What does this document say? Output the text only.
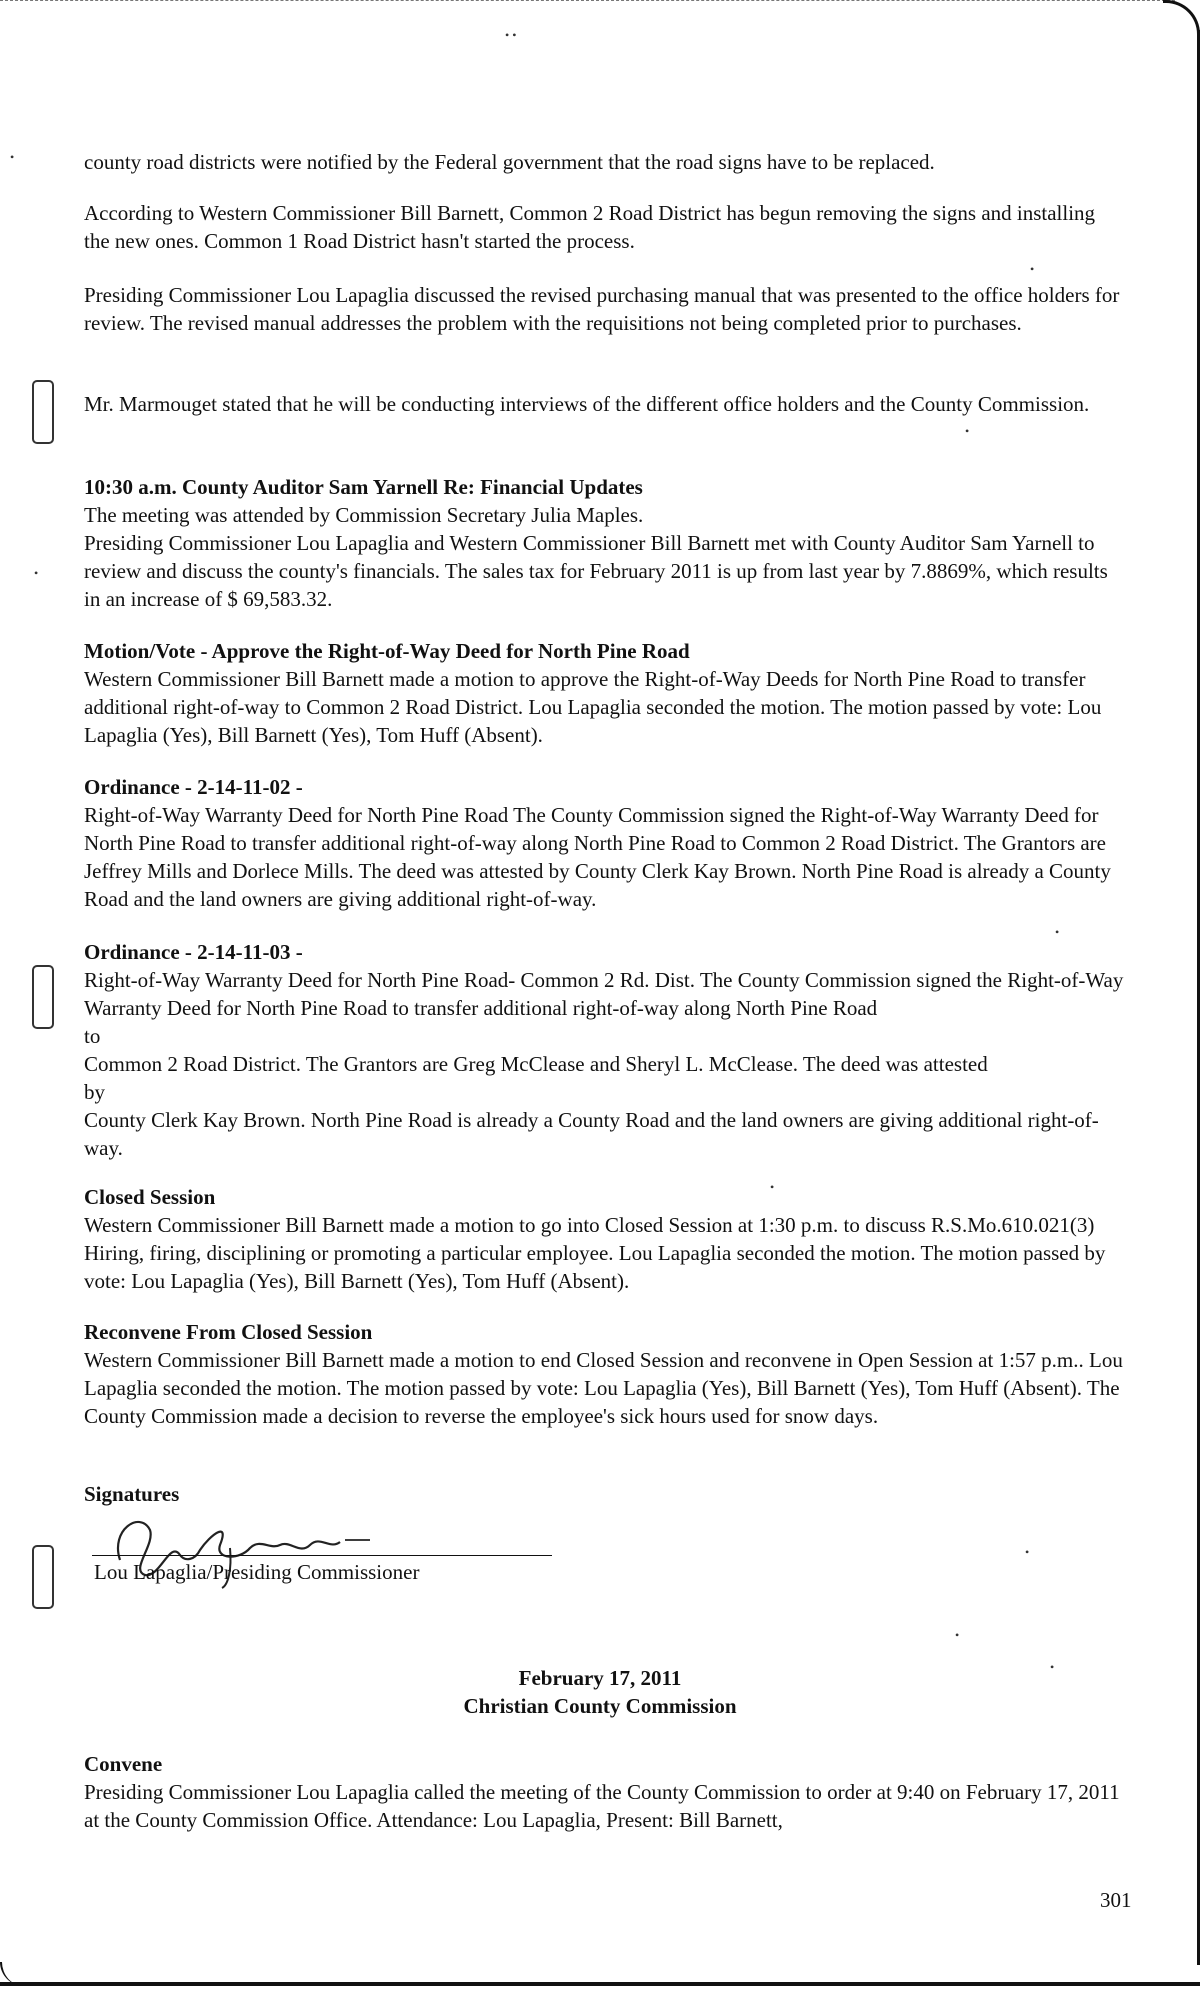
• •
•
•
•
•
•
•
•
•
•

county road districts were notified by the Federal government that the road signs have to be replaced.

According to Western Commissioner Bill Barnett, Common 2 Road District has begun removing the signs and installing the new ones. Common 1 Road District hasn't started the process.

Presiding Commissioner Lou Lapaglia discussed the revised purchasing manual that was presented to the office holders for review. The revised manual addresses the problem with the requisitions not being completed prior to purchases.

Mr. Marmouget stated that he will be conducting interviews of the different office holders and the County Commission.

10:30 a.m. County Auditor Sam Yarnell Re: Financial Updates

The meeting was attended by Commission Secretary Julia Maples.

Presiding Commissioner Lou Lapaglia and Western Commissioner Bill Barnett met with County Auditor Sam Yarnell to review and discuss the county's financials. The sales tax for February 2011 is up from last year by 7.8869%, which results in an increase of $ 69,583.32.

Motion/Vote - Approve the Right-of-Way Deed for North Pine Road

Western Commissioner Bill Barnett made a motion to approve the Right-of-Way Deeds for North Pine Road to transfer additional right-of-way to Common 2 Road District. Lou Lapaglia seconded the motion. The motion passed by vote: Lou Lapaglia (Yes), Bill Barnett (Yes), Tom Huff (Absent).

Ordinance - 2-14-11-02 -

Right-of-Way Warranty Deed for North Pine Road The County Commission signed the Right-of-Way Warranty Deed for North Pine Road to transfer additional right-of-way along North Pine Road to Common 2 Road District. The Grantors are Jeffrey Mills and Dorlece Mills. The deed was attested by County Clerk Kay Brown. North Pine Road is already a County Road and the land owners are giving additional right-of-way.

Ordinance - 2-14-11-03 -

Right-of-Way Warranty Deed for North Pine Road- Common 2 Rd. Dist. The County Commission signed the Right-of-Way Warranty Deed for North Pine Road to transfer additional right-of-way along North Pine Road

to

Common 2 Road District. The Grantors are Greg McClease and Sheryl L. McClease. The deed was attested

by

County Clerk Kay Brown. North Pine Road is already a County Road and the land owners are giving additional right-of-way.

Closed Session

Western Commissioner Bill Barnett made a motion to go into Closed Session at 1:30 p.m. to discuss R.S.Mo.610.021(3) Hiring, firing, disciplining or promoting a particular employee. Lou Lapaglia seconded the motion. The motion passed by vote: Lou Lapaglia (Yes), Bill Barnett (Yes), Tom Huff (Absent).

Reconvene From Closed Session

Western Commissioner Bill Barnett made a motion to end Closed Session and reconvene in Open Session at 1:57 p.m.. Lou Lapaglia seconded the motion. The motion passed by vote: Lou Lapaglia (Yes), Bill Barnett (Yes), Tom Huff (Absent). The County Commission made a decision to reverse the employee's sick hours used for snow days.

Signatures

Lou Lapaglia/Presiding Commissioner
February 17, 2011
Christian County Commission

Convene

Presiding Commissioner Lou Lapaglia called the meeting of the County Commission to order at 9:40 on February 17, 2011 at the County Commission Office. Attendance: Lou Lapaglia, Present: Bill Barnett,

301
